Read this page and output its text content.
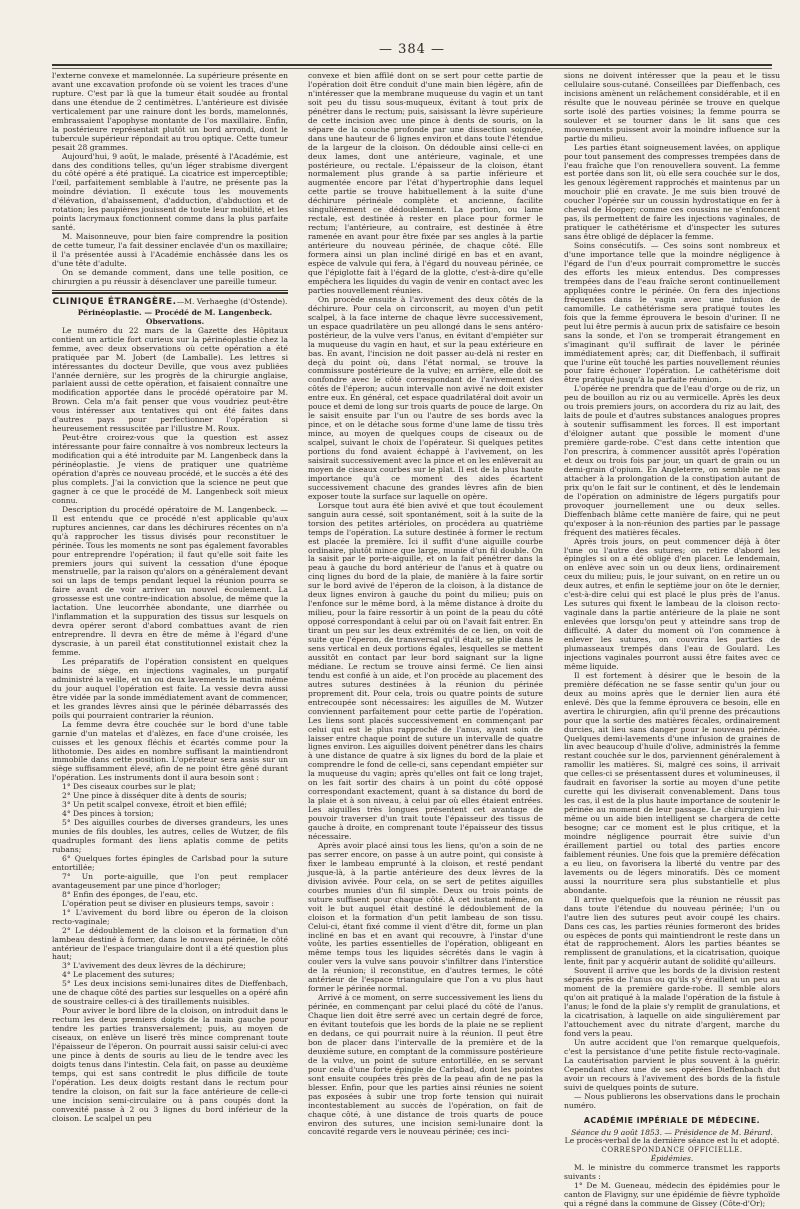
— 384 —

l'externe convexe et mamelonnée. La supérieure présente en avant une excavation profonde où se voient les traces d'une rupture. C'est par là que la tumeur était soudée au frontal dans une étendue de 2 centimètres. L'antérieure est divisée verticalement par une rainure dont les bords, mamelonnés, embrassaient l'apophyse montante de l'os maxillaire. Enfin, la postérieure représentait plutôt un bord arrondi, dont le tubercule supérieur répondait au trou optique. Cette tumeur pesait 28 grammes.

Aujourd'hui, 9 août, le malade, présenté à l'Académie, est dans des conditions telles, qu'un léger strabisme divergent du côté opéré a été pratiqué. La cicatrice est imperceptible; l'œil, parfaitement semblable à l'autre, ne présente pas la moindre déviation. Il exécute tous les mouvements d'élévation, d'abaissement, d'adduction, d'abduction et de rotation; les paupières jouissent de toute leur mobilité, et les points lacrymaux fonctionnent comme dans la plus parfaite santé.

M. Maisonneuve, pour bien faire comprendre la position de cette tumeur, l'a fait dessiner enclavée d'un os maxillaire; il l'a présentée aussi à l'Académie enchâssée dans les os d'une tête d'adulte.

On se demande comment, dans une telle position, ce chirurgien a pu réussir à désenclaver une pareille tumeur.

CLINIQUE ÉTRANGÈRE.—M. Verhaeghe (d'Ostende).

Périnéoplastie. — Procédé de M. Langenbeck.

Observations.

Le numéro du 22 mars de la Gazette des Hôpitaux contient un article fort curieux sur la périnéoplastie chez la femme, avec deux observations où cette opération a été pratiquée par M. Jobert (de Lamballe). Les lettres si intéressantes du docteur Deville, que vous avez publiées l'année dernière, sur les progrès de la chirurgie anglaise, parlaient aussi de cette opération, et faisaient connaître une modification apportée dans le procédé opératoire par M. Brown. Cela m'a fait penser que vous voudriez peut-être vous intéresser aux tentatives qui ont été faites dans d'autres pays pour perfectionner l'opération si heureusement ressuscitée par l'illustre M. Roux.

Peut-être croirez-vous que la question est assez intéressante pour faire connaître à vos nombreux lecteurs la modification qui a été introduite par M. Langenbeck dans la périnéoplastie. Je viens de pratiquer une quatrième opération d'après ce nouveau procédé, et le succès a été des plus complets. J'ai la conviction que la science ne peut que gagner à ce que le procédé de M. Langenbeck soit mieux connu.

Description du procédé opératoire de M. Langenbeck. — Il est entendu que ce procédé n'est applicable qu'aux ruptures anciennes, car dans les déchirures récentes on n'a qu'à rapprocher les tissus divisés pour reconstituer le périnée. Tous les moments ne sont pas également favorables pour entreprendre l'opération; il faut qu'elle soit faite les premiers jours qui suivent la cessation d'une époque menstruelle, par la raison qu'alors on a généralement devant soi un laps de temps pendant lequel la réunion pourra se faire avant de voir arriver un nouvel écoulement. La grossesse est une contre-indication absolue, de même que la lactation. Une leucorrhée abondante, une diarrhée ou l'inflammation et la suppuration des tissus sur lesquels on devra opérer seront d'abord combattues avant de rien entreprendre. Il devra en être de même à l'égard d'une dyscrasie, à un pareil état constitutionnel existait chez la femme.

Les préparatifs de l'opération consistent en quelques bains de siège, en injections vaginales, un purgatif administré la veille, et un ou deux lavements le matin même du jour auquel l'opération est faite. La vessie devra aussi être vidée par la sonde immédiatement avant de commencer, et les grandes lèvres ainsi que le périnée débarrassés des poils qui pourraient contrarier la réunion.

La femme devra être couchée sur le bord d'une table garnie d'un matelas et d'alèzes, en face d'une croisée, les cuisses et les genoux fléchis et écartés comme pour la lithotomie. Des aides en nombre suffisant la maintiendront immobile dans cette position. L'opérateur sera assis sur un siège suffisamment élevé, afin de ne point être gêné durant l'opération. Les instruments dont il aura besoin sont :

1° Des ciseaux courbes sur le plat;

2° Une pince à disséquer dite à dents de souris;

3° Un petit scalpel convexe, étroit et bien effilé;

4° Des pinces à torsion;

5° Des aiguilles courbes de diverses grandeurs, les unes munies de fils doubles, les autres, celles de Wutzer, de fils quadruples formant des liens aplatis comme de petits rubans;

6° Quelques fortes épingles de Carlsbad pour la suture entortillée;

7° Un porte-aiguille, que l'on peut remplacer avantageusement par une pince d'horloger;

8° Enfin des éponges, de l'eau, etc.

L'opération peut se diviser en plusieurs temps, savoir :

1° L'avivement du bord libre ou éperon de la cloison recto-vaginale;

2° Le dédoublement de la cloison et la formation d'un lambeau destiné à former, dans le nouveau périnée, le côté antérieur de l'espace triangulaire dont il a été question plus haut;

3° L'avivement des deux lèvres de la déchirure;

4° Le placement des sutures;

5° Les deux incisions semi-lunaires dites de Dieffenbach, une de chaque côté des parties sur lesquelles on a opéré afin de soustraire celles-ci à des tiraillements nuisibles.

Pour aviver le bord libre de la cloison, on introduit dans le rectum les deux premiers doigts de la main gauche pour tendre les parties transversalement; puis, au moyen de ciseaux, on enlève un liseré très mince comprenant toute l'épaisseur de l'éperon. On pourrait aussi saisir celui-ci avec une pince à dents de souris au lieu de le tendre avec les doigts tenus dans l'intestin. Cela fait, on passe au deuxième temps, qui est sans contredit le plus difficile de toute l'opération. Les deux doigts restant dans le rectum pour tendre la cloison, on fait sur la face antérieure de celle-ci une incision semi-circulaire ou à pans coupés dont la convexité passe à 2 ou 3 lignes du bord inférieur de la cloison. Le scalpel un peu

convexe et bien affilé dont on se sert pour cette partie de l'opération doit être conduit d'une main bien légère, afin de n'intéresser que la membrane muqueuse du vagin et un tant soit peu du tissu sous-muqueux, évitant à tout prix de pénétrer dans le rectum; puis, saisissant la lèvre supérieure de cette incision avec une pince à dents de souris, on la sépare de la couche profonde par une dissection soignée, dans une hauteur de 6 lignes environ et dans toute l'étendue de la largeur de la cloison. On dédouble ainsi celle-ci en deux lames, dont une antérieure, vaginale, et une postérieure, ou rectale. L'épaisseur de la cloison, étant normalement plus grande à sa partie inférieure et augmentée encore par l'état d'hypertrophie dans lequel cette partie se trouve habituellement à la suite d'une déchirure périnéale complète et ancienne, facilite singulièrement ce dédoublement. La portion, ou lame rectale, est destinée à rester en place pour former le rectum; l'antérieure, au contraire, est destinée à être ramenée en avant pour être fixée par ses angles à la partie antérieure du nouveau périnée, de chaque côté. Elle formera ainsi un plan incliné dirigé en bas et en avant, espèce de valvule qui fera, à l'égard du nouveau périnée, ce que l'épiglotte fait à l'égard de la glotte, c'est-à-dire qu'elle empêchera les liquides du vagin de venir en contact avec les parties nouvellement réunies.

On procède ensuite à l'avivement des deux côtés de la déchirure. Pour cela on circonscrit, au moyen d'un petit scalpel, à la face interne de chaque lèvre successivement, un espace quadrilatère un peu allongé dans le sens antéro-postérieur, de la vulve vers l'anus, en évitant d'empiéter sur la muqueuse du vagin en haut, et sur la peau extérieure en bas. En avant, l'incision ne doit passer au-delà ni rester en deçà du point où, dans l'état normal, se trouve la commissure postérieure de la vulve; en arrière, elle doit se confondre avec le côté correspondant de l'avivement des côtés de l'éperon; aucun intervalle non avivé ne doit exister entre eux. En général, cet espace quadrilatéral doit avoir un pouce et demi de long sur trois quarts de pouce de large. On le saisit ensuite par l'un ou l'autre de ses bords avec la pince, et on le détache sous forme d'une lame de tissu très mince, au moyen de quelques coups de ciseaux ou de scalpel, suivant le choix de l'opérateur. Si quelques petites portions du fond avaient échappé à l'avivement, on les saisirait successivement avec la pince et on les enlèverait au moyen de ciseaux courbes sur le plat. Il est de la plus haute importance qu'à ce moment des aides écartent successivement chacune des grandes lèvres afin de bien exposer toute la surface sur laquelle on opère.

Lorsque tout aura été bien avivé et que tout écoulement sanguin aura cessé, soit spontanément, soit à la suite de la torsion des petites artérioles, on procédera au quatrième temps de l'opération. La suture destinée à former le rectum est placée la première. Ici il suffit d'une aiguille courbe ordinaire, plutôt mince que large, munie d'un fil double. On la saisit par le porte-aiguille, et on la fait pénétrer dans la peau à gauche du bord antérieur de l'anus et à quatre ou cinq lignes du bord de la plaie, de manière à la faire sortir sur le bord avivé de l'éperon de la cloison, à la distance de deux lignes environ à gauche du point du milieu; puis on l'enfonce sur le même bord, à la même distance à droite du milieu, pour la faire ressortir à un point de la peau du côté opposé correspondant à celui par où on l'avait fait entrer. En tirant un peu sur les deux extrémités de ce lien, on voit de suite que l'éperon, de transversal qu'il était, se plie dans le sens vertical en deux portions égales, lesquelles se mettent aussitôt en contact par leur bord saignant sur la ligne médiane. Le rectum se trouve ainsi fermé. Ce lien ainsi tendu est confié à un aide, et l'on procède au placement des autres sutures destinées à la réunion du périnée proprement dit. Pour cela, trois ou quatre points de suture entrecoupée sont nécessaires: les aiguilles de M. Wutzer conviennent parfaitement pour cette partie de l'opération. Les liens sont placés successivement en commençant par celui qui est le plus rapproché de l'anus, ayant soin de laisser entre chaque point de suture un intervalle de quatre lignes environ. Les aiguilles doivent pénétrer dans les chairs à une distance de quatre à six lignes du bord de la plaie et comprendre le fond de celle-ci, sans cependant empiéter sur la muqueuse du vagin; après qu'elles ont fait ce long trajet, on les fait sortir des chairs à un point du côté opposé correspondant exactement, quant à sa distance du bord de la plaie et à son niveau, à celui par où elles étaient entrées. Les aiguilles très longues présentent cet avantage de pouvoir traverser d'un trait toute l'épaisseur des tissus de gauche à droite, en comprenant toute l'épaisseur des tissus nécessaire.

Après avoir placé ainsi tous les liens, qu'on a soin de ne pas serrer encore, on passe à un autre point, qui consiste à fixer le lambeau emprunté à la cloison, et resté pendant jusque-là, à la partie antérieure des deux lèvres de la division avivée. Pour cela, on se sert de petites aiguilles courbes munies d'un fil simple. Deux ou trois points de suture suffisent pour chaque côté. A cet instant même, on voit le but auquel était destiné le dédoublement de la cloison et la formation d'un petit lambeau de son tissu. Celui-ci, étant fixé comme il vient d'être dit, forme un plan incliné en bas et en avant qui recouvre, à l'instar d'une voûte, les parties essentielles de l'opération, obligeant en même temps tous les liquides sécrétés dans le vagin à couler vers la vulve sans pouvoir s'infiltrer dans l'interstice de la réunion; il reconstitue, en d'autres termes, le côté antérieur de l'espace triangulaire que l'on a vu plus haut former le périnée normal.

Arrivé à ce moment, on serre successivement les liens du périnée, en commençant par celui placé du côté de l'anus. Chaque lien doit être serré avec un certain degré de force, en évitant toutefois que les bords de la plaie ne se replient en dedans, ce qui pourrait nuire à la réunion. Il peut être bon de placer dans l'intervalle de la première et de la deuxième suture, en comptant de la commissure postérieure de la vulve, un point de suture entortillée, en se servant pour cela d'une forte épingle de Carlsbad, dont les pointes sont ensuite coupées très près de la peau afin de ne pas la blesser. Enfin, pour que les parties ainsi réunies ne soient pas exposées à subir une trop forte tension qui nuirait incontestablement au succès de l'opération, on fait de chaque côté, à une distance de trois quarts de pouce environ des sutures, une incision semi-lunaire dont la concavité regarde vers le nouveau périnée; ces inci-

sions ne doivent intéresser que la peau et le tissu cellulaire sous-cutané. Conseillées par Dieffenbach, ces incisions amènent un relâchement considérable, et il en résulte que le nouveau périnée se trouve en quelque sorte isolé des parties voisines; la femme pourra se soulever et se tourner dans le lit sans que ces mouvements puissent avoir la moindre influence sur la partie du milieu.

Les parties étant soigneusement lavées, on applique pour tout pansement des compresses trempées dans de l'eau fraîche que l'on renouvellera souvent. La femme est portée dans son lit, où elle sera couchée sur le dos, les genoux légèrement rapprochés et maintenus par un mouchoir plié en cravate. Je me suis bien trouvé de coucher l'opérée sur un coussin hydrostatique en fer à cheval de Hooper; comme ces coussins ne s'enfoncent pas, ils permettent de faire les injections vaginales, de pratiquer le cathétérisme et d'inspecter les sutures sans être obligé de déplacer la femme.

Soins consécutifs. — Ces soins sont nombreux et d'une importance telle que la moindre négligence à l'égard de l'un d'eux pourrait compromettre le succès des efforts les mieux entendus. Des compresses trempées dans de l'eau fraîche seront continuellement appliquées contre le périnée. On fera des injections fréquentes dans le vagin avec une infusion de camomille. Le cathétérisme sera pratiqué toutes les fois que la femme éprouvera le besoin d'uriner. Il ne peut lui être permis à aucun prix de satisfaire ce besoin sans la sonde, et l'on se tromperait étrangement en s'imaginant qu'il suffirait de laver le périnée immédiatement après; car, dit Dieffenbach, il suffirait que l'urine eût touché les parties nouvellement réunies pour faire échouer l'opération. Le cathétérisme doit être pratiqué jusqu'à la parfaite réunion.

L'opérée ne prendra que de l'eau d'orge ou de riz, un peu de bouillon au riz ou au vermicelle. Après les deux ou trois premiers jours, on accordera du riz au lait, des laits de poule et d'autres substances analogues propres à soutenir suffisamment les forces. Il est important d'éloigner autant que possible le moment d'une première garde-robe. C'est dans cette intention que l'on prescrira, à commencer aussitôt après l'opération et deux ou trois fois par jour, un quart de grain ou un demi-grain d'opium. En Angleterre, on semble ne pas attacher à la prolongation de la constipation autant de prix qu'on le fait sur le continent, et dès le lendemain de l'opération on administre de légers purgatifs pour provoquer journellement une ou deux selles. Dieffenbach blâme cette manière de faire, qui ne peut qu'exposer à la non-réunion des parties par le passage fréquent des matières fécales.

Après trois jours, on peut commencer déjà à ôter l'une ou l'autre des sutures; on retire d'abord les épingles si on a été obligé d'en placer. Le lendemain, on enlève avec soin un ou deux liens, ordinairement ceux du milieu; puis, le jour suivant, on en retire un ou deux autres, et enfin le septième jour on ôte le dernier, c'est-à-dire celui qui est placé le plus près de l'anus. Les sutures qui fixent le lambeau de la cloison recto-vaginale dans la partie antérieure de la plaie ne sont enlevées que lorsqu'on peut y atteindre sans trop de difficulté. A dater du moment où l'on commence à enlever les sutures, on couvrira les parties de plumasseaux trempés dans l'eau de Goulard. Les injections vaginales pourront aussi être faites avec ce même liquide.

Il est fortement à désirer que le besoin de la première défécation ne se fasse sentir qu'un jour ou deux au moins après que le dernier lien aura été enlevé. Dès que la femme éprouvera ce besoin, elle en avertira le chirurgien, afin qu'il prenne des précautions pour que la sortie des matières fécales, ordinairement durcies, ait lieu sans danger pour le nouveau périnée. Quelques demi-lavements d'une infusion de graines de lin avec beaucoup d'huile d'olive, administrés la femme restant couchée sur le dos, parviennent généralement à ramollir les matières. Si, malgré ces soins, il arrivait que celles-ci se présentassent dures et volumineuses, il faudrait en favoriser la sortie au moyen d'une petite curette qui les diviserait convenablement. Dans tous les cas, il est de la plus haute importance de soutenir le périnée au moment de leur passage. Le chirurgien lui-même ou un aide bien intelligent se chargera de cette besogne; car ce moment est le plus critique, et la moindre négligence pourrait être suivie d'un éraillement partiel ou total des parties encore faiblement réunies. Une fois que la première défécation a eu lieu, on favorisera la liberté du ventre par des lavements ou de légers minoratifs. Dès ce moment aussi la nourriture sera plus substantielle et plus abondante.

Il arrive quelquefois que la réunion ne réussit pas dans toute l'étendue du nouveau périnée; l'un ou l'autre lien des sutures peut avoir coupé les chairs. Dans ces cas, les parties réunies formeront des brides ou espèces de ponts qui maintiendront le reste dans un état de rapprochement. Alors les parties béantes se remplissent de granulations, et la cicatrisation, quoique lente, finit par y acquérir autant de solidité qu'ailleurs.

Souvent il arrive que les bords de la division restent séparés près de l'anus ou qu'ils s'y éraillent un peu au moment de la première garde-robe. Il semble alors qu'on ait pratiqué à la malade l'opération de la fistule à l'anus; le fond de la plaie s'y remplit de granulations, et la cicatrisation, à laquelle on aide singulièrement par l'attouchement avec du nitrate d'argent, marche du fond vers la peau.

Un autre accident que l'on remarque quelquefois, c'est la persistance d'une petite fistule recto-vaginale. La cautérisation parvient le plus souvent à la guérir. Cependant chez une de ses opérées Dieffenbach dut avoir un recours à l'avivement des bords de la fistule suivi de quelques points de suture.

— Nous publierons les observations dans le prochain numéro.

ACADÉMIE IMPÉRIALE DE MÉDECINE.

Séance du 9 août 1853. — Présidence de M. Bérard.

Le procès-verbal de la dernière séance est lu et adopté.

CORRESPONDANCE OFFICIELLE.

Épidémies.

M. le ministre du commerce transmet les rapports suivants :

1° De M. Gueneau, médecin des épidémies pour le canton de Flavigny, sur une épidémie de fièvre typhoïde qui a régné dans la commune de Gissey (Côte-d'Or);
